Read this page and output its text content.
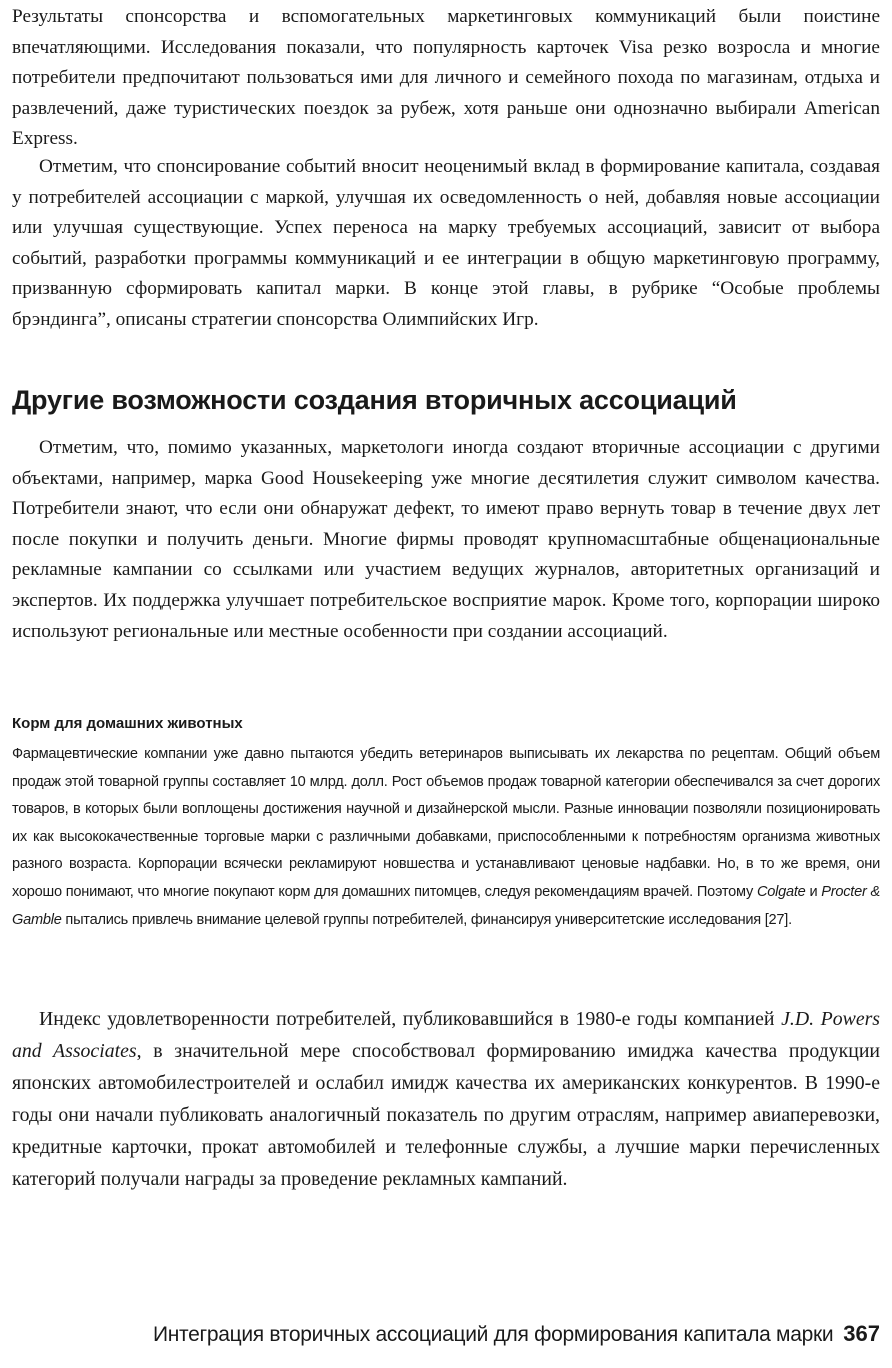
Результаты спонсорства и вспомогательных маркетинговых коммуникаций были поистине впечатляющими. Исследования показали, что популярность карточек Visa резко возросла и многие потребители предпочитают пользоваться ими для личного и семейного похода по магазинам, отдыха и развлечений, даже туристических поездок за рубеж, хотя раньше они однозначно выбирали American Express.

Отметим, что спонсирование событий вносит неоценимый вклад в формирование капитала, создавая у потребителей ассоциации с маркой, улучшая их осведомленность о ней, добавляя новые ассоциации или улучшая существующие. Успех переноса на марку требуемых ассоциаций, зависит от выбора событий, разработки программы коммуникаций и ее интеграции в общую маркетинговую программу, призванную сформировать капитал марки. В конце этой главы, в рубрике “Особые проблемы брэндинга”, описаны стратегии спонсорства Олимпийских Игр.

Другие возможности создания вторичных ассоциаций

Отметим, что, помимо указанных, маркетологи иногда создают вторичные ассоциации с другими объектами, например, марка Good Housekeeping уже многие десятилетия служит символом качества. Потребители знают, что если они обнаружат дефект, то имеют право вернуть товар в течение двух лет после покупки и получить деньги. Многие фирмы проводят крупномасштабные общенациональные рекламные кампании со ссылками или участием ведущих журналов, авторитетных организаций и экспертов. Их поддержка улучшает потребительское восприятие марок. Кроме того, корпорации широко используют региональные или местные особенности при создании ассоциаций.

Корм для домашних животных

Фармацевтические компании уже давно пытаются убедить ветеринаров выписывать их лекарства по рецептам. Общий объем продаж этой товарной группы составляет 10 млрд. долл. Рост объемов продаж товарной категории обеспечивался за счет дорогих товаров, в которых были воплощены достижения научной и дизайнерской мысли. Разные инновации позволяли позиционировать их как высококачественные торговые марки с различными добавками, приспособленными к потребностям организма животных разного возраста. Корпорации всячески рекламируют новшества и устанавливают ценовые надбавки. Но, в то же время, они хорошо понимают, что многие покупают корм для домашних питомцев, следуя рекомендациям врачей. Поэтому Colgate и Procter & Gamble пытались привлечь внимание целевой группы потребителей, финансируя университетские исследования [27].

Индекс удовлетворенности потребителей, публиковавшийся в 1980-е годы компанией J.D. Powers and Associates, в значительной мере способствовал формированию имиджа качества продукции японских автомобилестроителей и ослабил имидж качества их американских конкурентов. В 1990-е годы они начали публиковать аналогичный показатель по другим отраслям, например авиаперевозки, кредитные карточки, прокат автомобилей и телефонные службы, а лучшие марки перечисленных категорий получали награды за проведение рекламных кампаний.

Интеграция вторичных ассоциаций для формирования капитала марки 367
